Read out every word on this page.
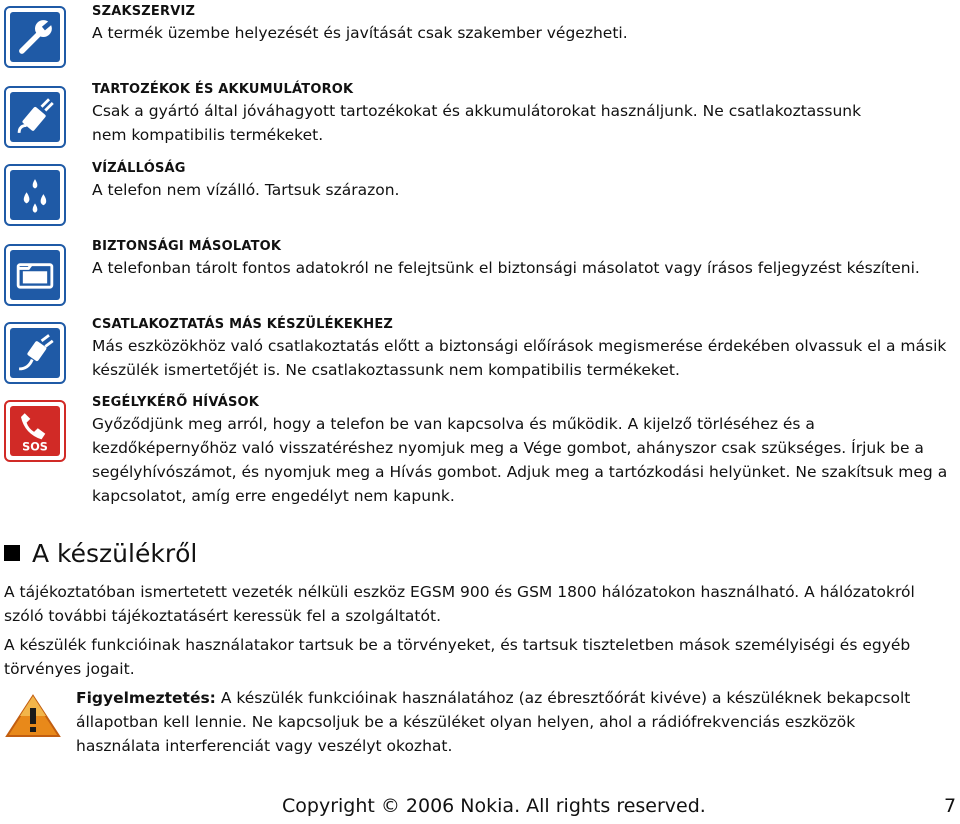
SOS
SZAKSZERVIZ
A termék üzembe helyezését és javítását csak szakember végezheti.
TARTOZÉKOK ÉS AKKUMULÁTOROK
Csak a gyártó által jóváhagyott tartozékokat és akkumulátorokat használjunk. Ne csatlakoztassunk nem kompatibilis termékeket.
VÍZÁLLÓSÁG
A telefon nem vízálló. Tartsuk szárazon.
BIZTONSÁGI MÁSOLATOK
A telefonban tárolt fontos adatokról ne felejtsünk el biztonsági másolatot vagy írásos feljegyzést készíteni.
CSATLAKOZTATÁS MÁS KÉSZÜLÉKEKHEZ
Más eszközökhöz való csatlakoztatás előtt a biztonsági előírások megismerése érdekében olvassuk el a másik készülék ismertetőjét is. Ne csatlakoztassunk nem kompatibilis termékeket.
SEGÉLYKÉRŐ HÍVÁSOK
Győződjünk meg arról, hogy a telefon be van kapcsolva és működik. A kijelző törléséhez és a kezdőképernyőhöz való visszatéréshez nyomjuk meg a Vége gombot, ahányszor csak szükséges. Írjuk be a segélyhívószámot, és nyomjuk meg a Hívás gombot. Adjuk meg a tartózkodási helyünket. Ne szakítsuk meg a kapcsolatot, amíg erre engedélyt nem kapunk.
A készülékről
A tájékoztatóban ismertetett vezeték nélküli eszköz EGSM 900 és GSM 1800 hálózatokon használható. A hálózatokról szóló további tájékoztatásért keressük fel a szolgáltatót.
A készülék funkcióinak használatakor tartsuk be a törvényeket, és tartsuk tiszteletben mások személyiségi és egyéb törvényes jogait.
Figyelmeztetés: A készülék funkcióinak használatához (az ébresztőórát kivéve) a készüléknek bekapcsolt állapotban kell lennie. Ne kapcsoljuk be a készüléket olyan helyen, ahol a rádiófrekvenciás eszközök használata interferenciát vagy veszélyt okozhat.
Copyright © 2006 Nokia. All rights reserved.	7
